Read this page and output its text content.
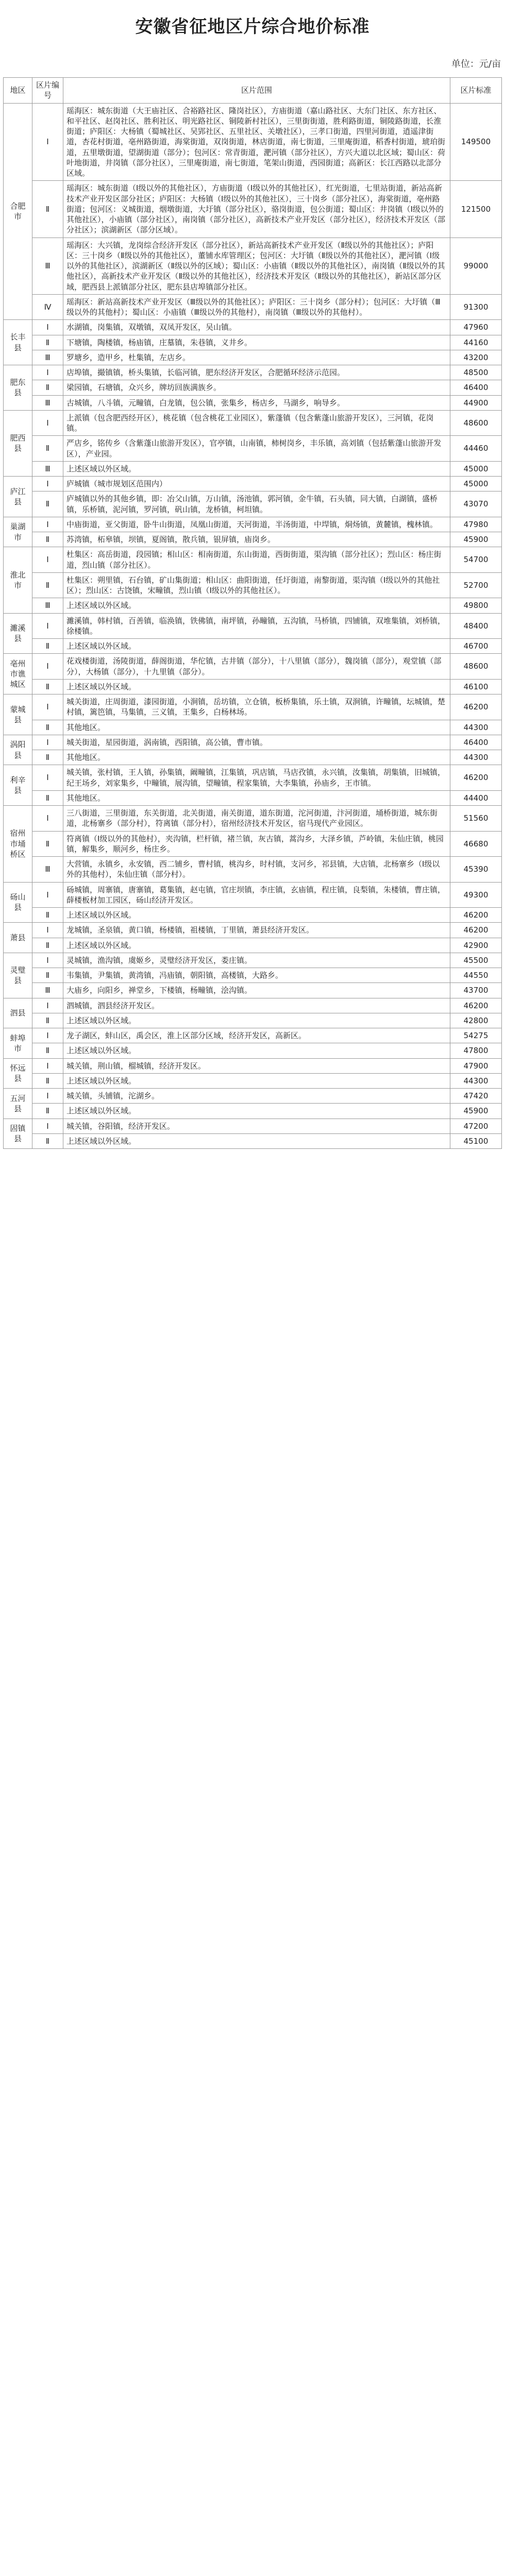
安徽省征地区片综合地价标准
单位：元/亩
地区	区片编号	区片范围	区片标准
合肥市	Ⅰ	瑶海区：城东街道（大王庙社区、合裕路社区、隆岗社区），方庙街道（嘉山路社区、大东门社区、东方社区、和平社区、赵岗社区、胜利社区、明光路社区、铜陵新村社区），三里街街道，胜利路街道，铜陵路街道，长淮街道；庐阳区：大杨镇（蜀城社区、吴郢社区、五里社区、关墩社区），三孝口街道，四里河街道，逍遥津街道，杏花村街道，亳州路街道，海棠街道，双岗街道，林店街道，南七街道，三里庵街道，稻香村街道，琥珀街道，五里墩街道，望湖街道（部分）；包河区：常青街道，淝河镇（部分社区），方兴大道以北区域；蜀山区：荷叶地街道，井岗镇（部分社区），三里庵街道，南七街道，笔架山街道，西园街道；高新区：长江西路以北部分区域。	149500
	Ⅱ	瑶海区：城东街道（Ⅰ级以外的其他社区），方庙街道（Ⅰ级以外的其他社区），红光街道，七里站街道，新站高新技术产业开发区部分社区；庐阳区：大杨镇（Ⅰ级以外的其他社区），三十岗乡（部分社区），海棠街道，亳州路街道；包河区：义城街道，烟墩街道，大圩镇（部分社区），骆岗街道，包公街道；蜀山区：井岗镇（Ⅰ级以外的其他社区），小庙镇（部分社区），南岗镇（部分社区），高新技术产业开发区（部分社区），经济技术开发区（部分社区）；滨湖新区（部分区域）。	121500
	Ⅲ	瑶海区：大兴镇，龙岗综合经济开发区（部分社区），新站高新技术产业开发区（Ⅱ级以外的其他社区）；庐阳区：三十岗乡（Ⅱ级以外的其他社区），董铺水库管理区；包河区：大圩镇（Ⅱ级以外的其他社区），淝河镇（Ⅰ级以外的其他社区），滨湖新区（Ⅱ级以外的区域）；蜀山区：小庙镇（Ⅱ级以外的其他社区），南岗镇（Ⅱ级以外的其他社区），高新技术产业开发区（Ⅱ级以外的其他社区），经济技术开发区（Ⅱ级以外的其他社区），新站区部分区域，肥西县上派镇部分社区，肥东县店埠镇部分社区。	99000
	Ⅳ	瑶海区：新站高新技术产业开发区（Ⅲ级以外的其他社区）；庐阳区：三十岗乡（部分村）；包河区：大圩镇（Ⅲ级以外的其他村）；蜀山区：小庙镇（Ⅲ级以外的其他村），南岗镇（Ⅲ级以外的其他村）。	91300
长丰县	Ⅰ	水湖镇，岗集镇，双墩镇，双凤开发区，吴山镇。	47960
	Ⅱ	下塘镇，陶楼镇，杨庙镇，庄墓镇，朱巷镇，义井乡。	44160
	Ⅲ	罗塘乡，造甲乡，杜集镇，左店乡。	43200
肥东县	Ⅰ	店埠镇，撮镇镇，桥头集镇，长临河镇，肥东经济开发区，合肥循环经济示范园。	48500
	Ⅱ	梁园镇，石塘镇，众兴乡，牌坊回族满族乡。	46400
	Ⅲ	古城镇，八斗镇，元疃镇，白龙镇，包公镇，张集乡，杨店乡，马湖乡，响导乡。	44900
肥西县	Ⅰ	上派镇（包含肥西经开区），桃花镇（包含桃花工业园区），紫蓬镇（包含紫蓬山旅游开发区），三河镇，花岗镇。	48600
	Ⅱ	严店乡，铭传乡（含紫蓬山旅游开发区），官亭镇，山南镇，柿树岗乡，丰乐镇，高刘镇（包括紫蓬山旅游开发区），产业园。	44460
	Ⅲ	上述区域以外区域。	45000
庐江县	Ⅰ	庐城镇（城市规划区范围内）	45000
	Ⅱ	庐城镇以外的其他乡镇，即：冶父山镇，万山镇，汤池镇，郭河镇，金牛镇，石头镇，同大镇，白湖镇，盛桥镇，乐桥镇，泥河镇，罗河镇，矾山镇，龙桥镇，柯坦镇。	43070
巢湖市	Ⅰ	中庙街道，亚父街道，卧牛山街道，凤凰山街道，天河街道，半汤街道，中垾镇，烔炀镇，黄麓镇，槐林镇。	47980
	Ⅱ	苏湾镇，柘皋镇，坝镇，夏阁镇，散兵镇，银屏镇，庙岗乡。	45900
淮北市	Ⅰ	杜集区：高岳街道，段园镇；相山区：相南街道，东山街道，西街街道，渠沟镇（部分社区）；烈山区：杨庄街道，烈山镇（部分社区）。	54700
	Ⅱ	杜集区：朔里镇，石台镇，矿山集街道；相山区：曲阳街道，任圩街道，南黎街道，渠沟镇（Ⅰ级以外的其他社区）；烈山区：古饶镇，宋疃镇，烈山镇（Ⅰ级以外的其他社区）。	52700
	Ⅲ	上述区域以外区域。	49800
濉溪县	Ⅰ	濉溪镇，韩村镇，百善镇，临涣镇，铁佛镇，南坪镇，孙疃镇，五沟镇，马桥镇，四铺镇，双堆集镇，刘桥镇，徐楼镇。	48400
	Ⅱ	上述区域以外区域。	46700
亳州市谯城区	Ⅰ	花戏楼街道，汤陵街道，薛阁街道，华佗镇，古井镇（部分），十八里镇（部分），魏岗镇（部分），观堂镇（部分），大杨镇（部分），十九里镇（部分）。	48600
	Ⅱ	上述区域以外区域。	46100
蒙城县	Ⅰ	城关街道，庄周街道，漆园街道，小涧镇，岳坊镇，立仓镇，板桥集镇，乐土镇，双涧镇，许疃镇，坛城镇，楚村镇，篱笆镇，马集镇，三义镇，王集乡，白杨林场。	46200
	Ⅱ	其他地区。	44300
涡阳县	Ⅰ	城关街道，星园街道，涡南镇，西阳镇，高公镇，曹市镇。	46400
	Ⅱ	其他地区。	44300
利辛县	Ⅰ	城关镇，张村镇，王人镇，孙集镇，阚疃镇，江集镇，巩店镇，马店孜镇，永兴镇，汝集镇，胡集镇，旧城镇，纪王场乡，刘家集乡，中疃镇，展沟镇，望疃镇，程家集镇，大李集镇，孙庙乡，王市镇。	46200
	Ⅱ	其他地区。	44400
宿州市埇桥区	Ⅰ	三八街道，三里街道，东关街道，北关街道，南关街道，道东街道，沱河街道，汴河街道，埇桥街道，城东街道，北杨寨乡（部分村），符离镇（部分村），宿州经济技术开发区，宿马现代产业园区。	51560
	Ⅱ	符离镇（Ⅰ级以外的其他村），夹沟镇，栏杆镇，褚兰镇，灰古镇，蒿沟乡，大泽乡镇，芦岭镇，朱仙庄镇，桃园镇，解集乡，顺河乡，杨庄乡。	46680
	Ⅲ	大营镇，永镇乡，永安镇，西二铺乡，曹村镇，桃沟乡，时村镇，支河乡，祁县镇，大店镇，北杨寨乡（Ⅰ级以外的其他村），朱仙庄镇（部分村）。	45390
砀山县	Ⅰ	砀城镇，周寨镇，唐寨镇，葛集镇，赵屯镇，官庄坝镇，李庄镇，玄庙镇，程庄镇，良梨镇，朱楼镇，曹庄镇，薛楼板材加工园区，砀山经济开发区。	49300
	Ⅱ	上述区域以外区域。	46200
萧县	Ⅰ	龙城镇，圣泉镇，黄口镇，杨楼镇，祖楼镇，丁里镇，萧县经济开发区。	46200
	Ⅱ	上述区域以外区域。	42900
灵璧县	Ⅰ	灵城镇，渔沟镇，虞姬乡，灵璧经济开发区，娄庄镇。	45500
	Ⅱ	韦集镇，尹集镇，黄湾镇，冯庙镇，朝阳镇，高楼镇，大路乡。	44550
	Ⅲ	大庙乡，向阳乡，禅堂乡，下楼镇，杨疃镇，浍沟镇。	43700
泗县	Ⅰ	泗城镇，泗县经济开发区。	46200
	Ⅱ	上述区域以外区域。	42800
蚌埠市	Ⅰ	龙子湖区，蚌山区，禹会区，淮上区部分区域，经济开发区，高新区。	54275
	Ⅱ	上述区域以外区域。	47800
怀远县	Ⅰ	城关镇，荆山镇，榴城镇，经济开发区。	47900
	Ⅱ	上述区域以外区域。	44300
五河县	Ⅰ	城关镇，头铺镇，沱湖乡。	47420
	Ⅱ	上述区域以外区域。	45900
固镇县	Ⅰ	城关镇，谷阳镇，经济开发区。	47200
	Ⅱ	上述区域以外区域。	45100
